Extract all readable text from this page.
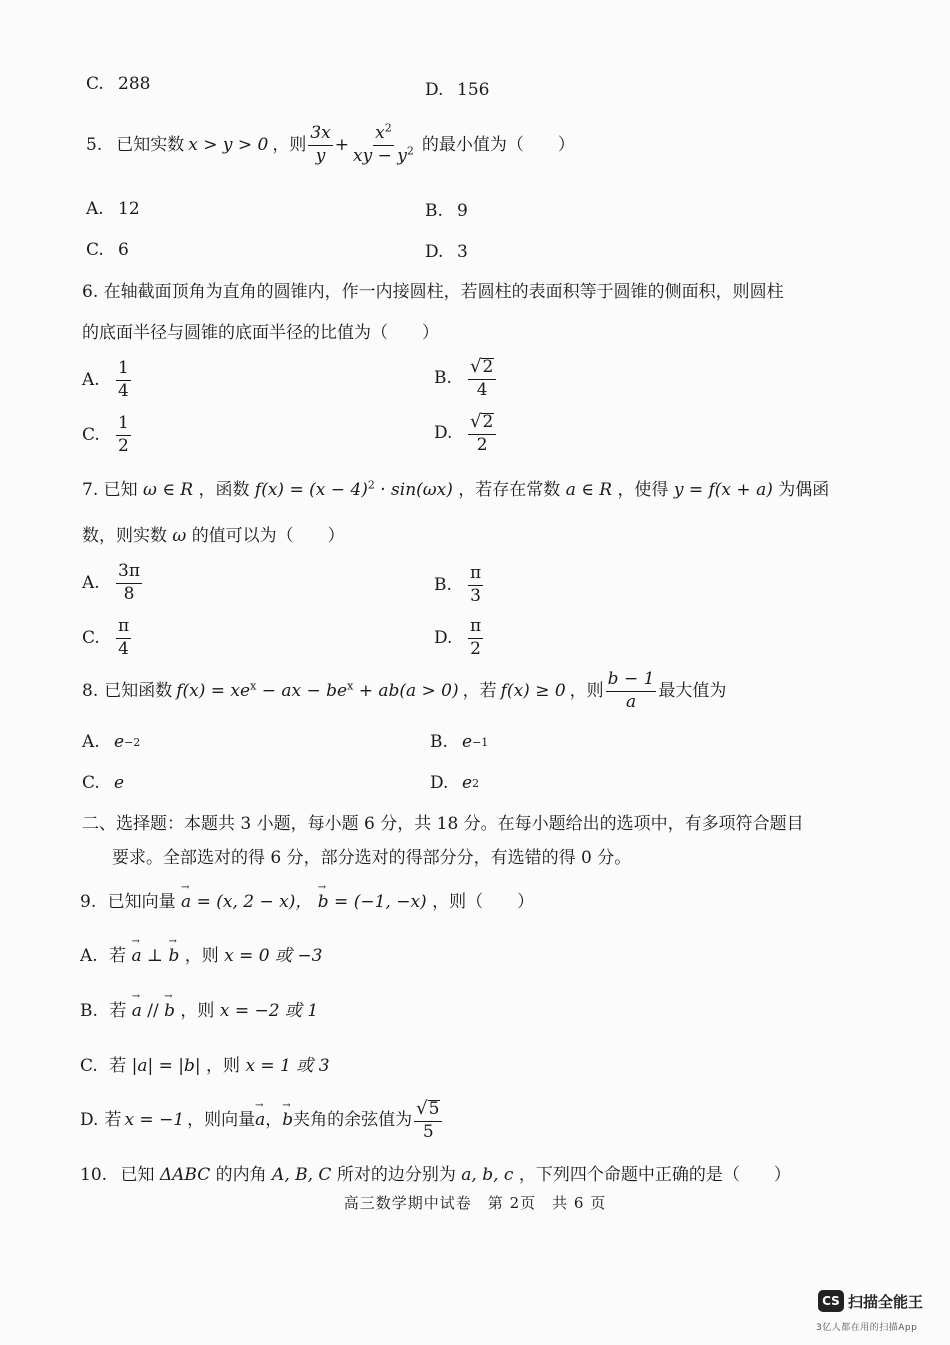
C. 288	D. 156
5. 已知实数 x > y > 0 ，则 $\frac{3x}{y} + \frac{x^2}{xy - y^2}$ 的最小值为（　　）
A. 12	B. 9
C. 6	D. 3
6. 在轴截面顶角为直角的圆锥内，作一内接圆柱，若圆柱的表面积等于圆锥的侧面积，则圆柱
的底面半径与圆锥的底面半径的比值为（　　）
A. $\frac{1}{4}$	B. $\frac{√ 2}{4}$
C. $\frac{1}{2}$	D. $\frac{√ 2}{2}$
7. 已知 ω ∈ R ，函数 $f(x) = (x - 4)^2 \cdot \sin(\omega x)$ ，若存在常数 a ∈ R ，使得 y = f(x + a) 为偶函
数，则实数 ω 的值可以为（　　）
A. $\frac{3\pi}{8}$	B. $\frac{\pi}{3}$
C. $\frac{\pi}{4}$	D. $\frac{\pi}{2}$
8. 已知函数 $f(x) = xe^x$ − ax − $be^x + ab(a > 0)$ ，若 f(x) ≥ 0 ，则 $\frac{b - 1}{a}$ 最大值为
A. e −2	B. e −1
C. e	D. e 2
二、选择题：本题共 3 小题，每小题 6 分，共 18 分。在每小题给出的选项中，有多项符合题目
要求。全部选对的得 6 分，部分选对的得部分分，有选错的得 0 分。
9. 已知向量 → a = (x, 2 − x)， → b = (−1, −x) ，则（　　）
A. 若 → a ⊥ → b ，则 x = 0 或 −3
B. 若 → a // → b ，则 x = −2 或 1
C. 若 |a| = |b| ，则 x = 1 或 3
D. 若 x = −1 ，则向量 → a ， → b 夹角的余弦值为 $\frac{√ 5}{5}$
10. 已知 ΔABC 的内角 A, B, C 所对的边分别为 a, b, c ，下列四个命题中正确的是（　　）
高三数学期中试卷　第 2页　共 6 页
CS 扫描全能王
3亿人都在用的扫描App
